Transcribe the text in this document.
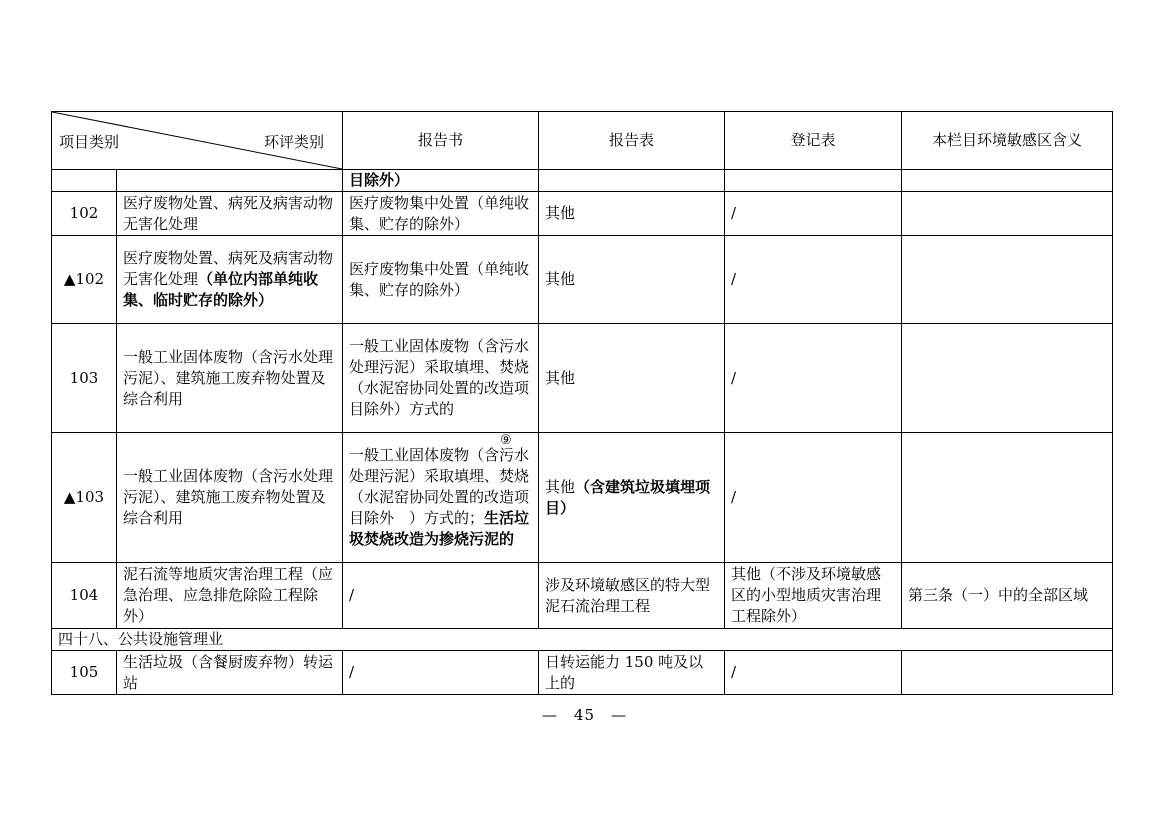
项目类别 环评类别		报告书	报告表	登记表	本栏目环境敏感区含义
		目除外）			
102	医疗废物处置、病死及病害动物无害化处理	医疗废物集中处置（单纯收集、贮存的除外）	其他	/	
▲102	医疗废物处置、病死及病害动物无害化处理（单位内部单纯收集、临时贮存的除外）	医疗废物集中处置（单纯收集、贮存的除外）	其他	/	
103	一般工业固体废物（含污水处理污泥）、建筑施工废弃物处置及综合利用	一般工业固体废物（含污水处理污泥）采取填埋、焚烧（水泥窑协同处置的改造项目除外）方式的	其他	/	
▲103	一般工业固体废物（含污水处理污泥）、建筑施工废弃物处置及综合利用	一般工业固体废物（含污水处理污泥）采取填埋、焚烧（水泥窑协同处置的改造项目除外　）方式的；生活垃圾焚烧改造为掺烧污泥的	其他（含建筑垃圾填埋项目）	/	
104	泥石流等地质灾害治理工程（应急治理、应急排危除险工程除外）	/	涉及环境敏感区的特大型泥石流治理工程	其他（不涉及环境敏感区的小型地质灾害治理工程除外）	第三条（一）中的全部区域
四十八、公共设施管理业					
105	生活垃圾（含餐厨废弃物）转运站	/	日转运能力 150 吨及以上的	/	
⑨
—　45　—
